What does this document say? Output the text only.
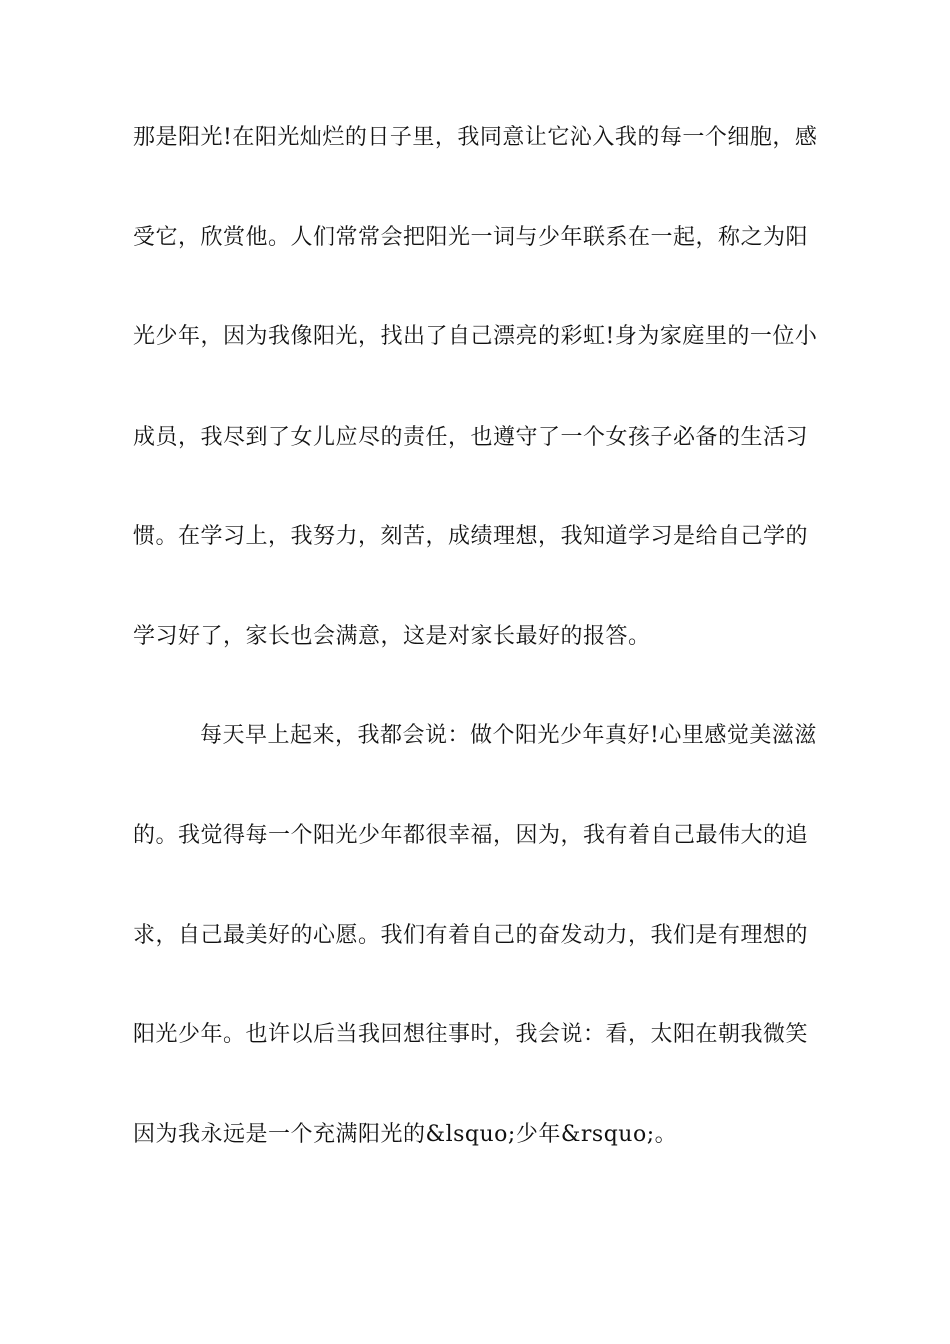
那是阳光!在阳光灿烂的日子里，我同意让它沁入我的每一个细胞，感
受它，欣赏他。人们常常会把阳光一词与少年联系在一起，称之为阳
光少年，因为我像阳光，找出了自己漂亮的彩虹!身为家庭里的一位小
成员，我尽到了女儿应尽的责任，也遵守了一个女孩子必备的生活习
惯。在学习上，我努力，刻苦，成绩理想，我知道学习是给自己学的
学习好了，家长也会满意，这是对家长最好的报答。
每天早上起来，我都会说：做个阳光少年真好!心里感觉美滋滋
的。我觉得每一个阳光少年都很幸福，因为，我有着自己最伟大的追
求，自己最美好的心愿。我们有着自己的奋发动力，我们是有理想的
阳光少年。也许以后当我回想往事时，我会说：看，太阳在朝我微笑
因为我永远是一个充满阳光的&lsquo;少年&rsquo;。
